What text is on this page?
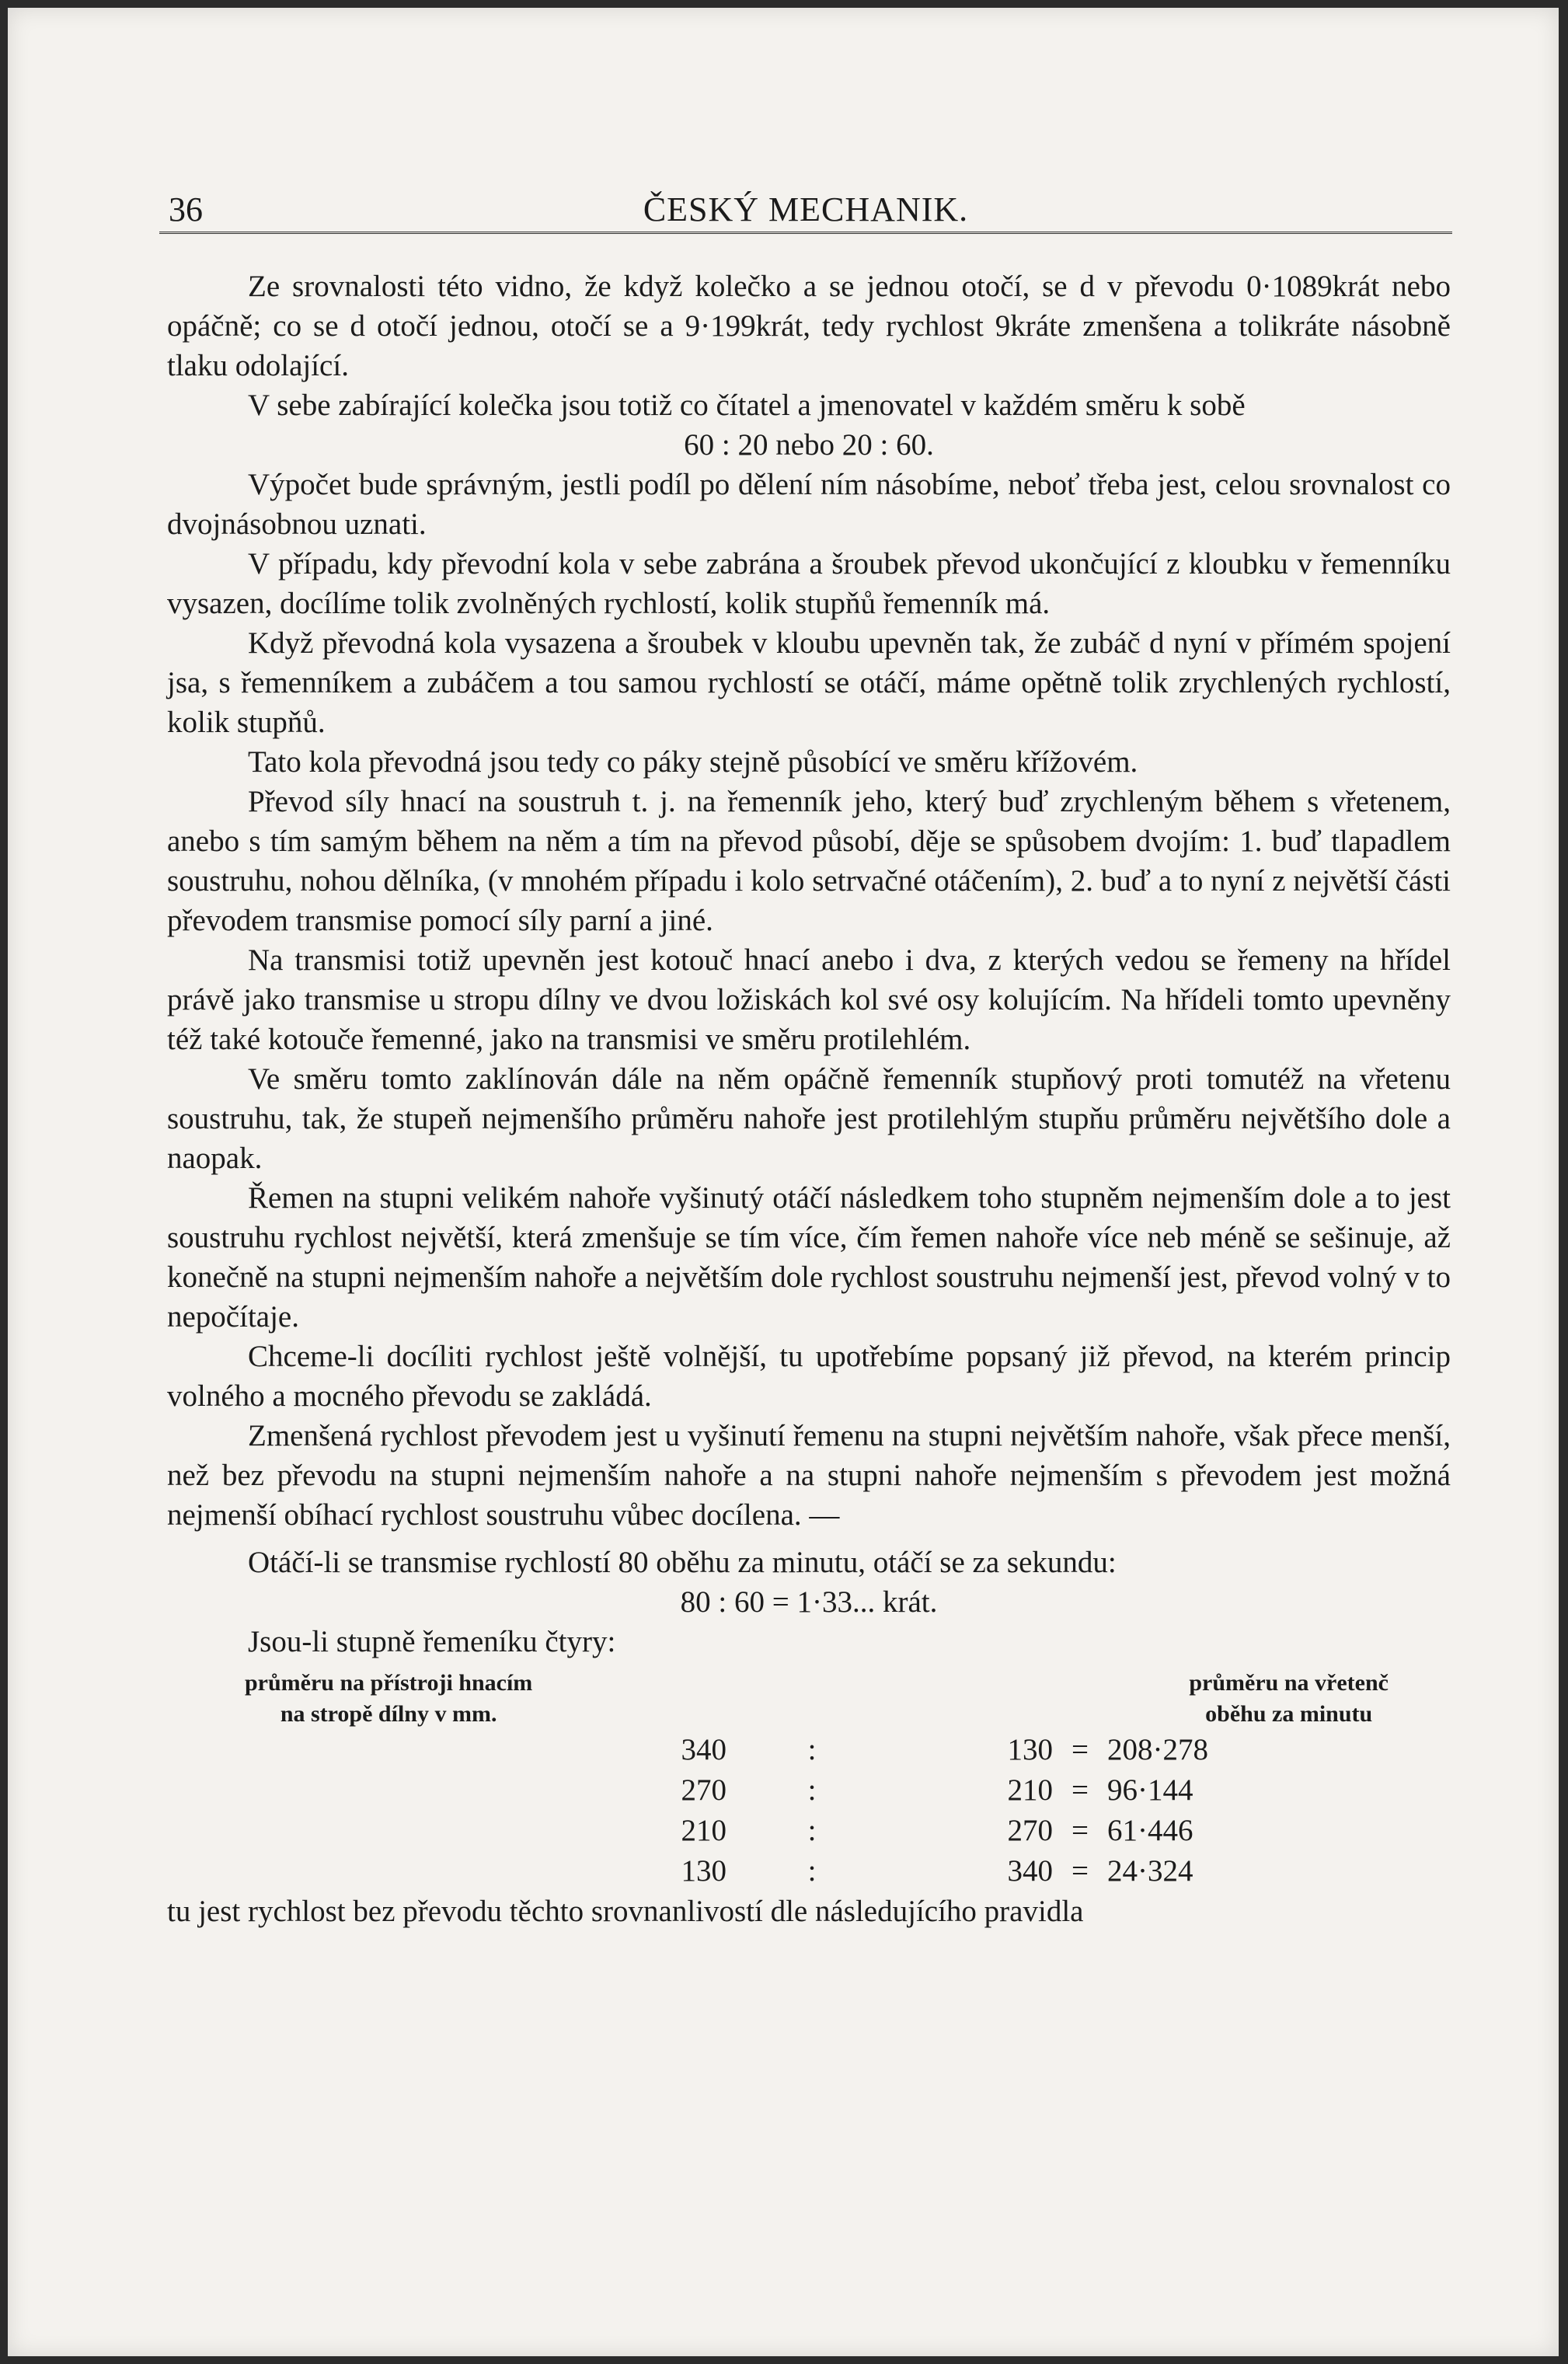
36	ČESKÝ MECHANIK.

Ze srovnalosti této vidno, že když kolečko a se jednou otočí, se d v převodu 0·1089krát nebo opáčně; co se d otočí jednou, otočí se a 9·199krát, tedy rychlost 9kráte zmenšena a tolikráte násobně tlaku odolající.

V sebe zabírající kolečka jsou totiž co čítatel a jmenovatel v každém směru k sobě

60 : 20 nebo 20 : 60.

Výpočet bude správným, jestli podíl po dělení ním násobíme, neboť třeba jest, celou srovnalost co dvojnásobnou uznati.

V případu, kdy převodní kola v sebe zabrána a šroubek převod ukončující z kloubku v řemenníku vysazen, docílíme tolik zvolněných rychlostí, kolik stupňů řemenník má.

Když převodná kola vysazena a šroubek v kloubu upevněn tak, že zubáč d nyní v přímém spojení jsa, s řemenníkem a zubáčem a tou samou rychlostí se otáčí, máme opětně tolik zrychlených rychlostí, kolik stupňů.

Tato kola převodná jsou tedy co páky stejně působící ve směru křížovém.

Převod síly hnací na soustruh t. j. na řemenník jeho, který buď zrychleným během s vřetenem, anebo s tím samým během na něm a tím na převod působí, děje se spůsobem dvojím: 1. buď tlapadlem soustruhu, nohou dělníka, (v mnohém případu i kolo setrvačné otáčením), 2. buď a to nyní z největší části převodem transmise pomocí síly parní a jiné.

Na transmisi totiž upevněn jest kotouč hnací anebo i dva, z kterých vedou se řemeny na hřídel právě jako transmise u stropu dílny ve dvou ložiskách kol své osy kolujícím. Na hřídeli tomto upevněny též také kotouče řemenné, jako na transmisi ve směru protilehlém.

Ve směru tomto zaklínován dále na něm opáčně řemenník stupňový proti tomutéž na vřetenu soustruhu, tak, že stupeň nejmenšího průměru nahoře jest protilehlým stupňu průměru největšího dole a naopak.

Řemen na stupni velikém nahoře vyšinutý otáčí následkem toho stupněm nejmenším dole a to jest soustruhu rychlost největší, která zmenšuje se tím více, čím řemen nahoře více neb méně se sešinuje, až konečně na stupni nejmenším nahoře a největším dole rychlost soustruhu nejmenší jest, převod volný v to nepočítaje.

Chceme-li docíliti rychlost ještě volnější, tu upotřebíme popsaný již převod, na kterém princip volného a mocného převodu se zakládá.

Zmenšená rychlost převodem jest u vyšinutí řemenu na stupni největším nahoře, však přece menší, než bez převodu na stupni nejmenším nahoře a na stupni nahoře nejmenším s převodem jest možná nejmenší obíhací rychlost soustruhu vůbec docílena. —

Otáčí-li se transmise rychlostí 80 oběhu za minutu, otáčí se za sekundu:

80 : 60 = 1·33... krát.

Jsou-li stupně řemeníku čtyry:

průměru na přístroji hnacím
na stropě dílny v mm.
průměru na vřetenč
oběhu za minutu
340	:	130 = 208·278
270	:	210 = 96·144
210	:	270 = 61·446
130	:	340 = 24·324

tu jest rychlost bez převodu těchto srovnanlivostí dle následujícího pravidla
